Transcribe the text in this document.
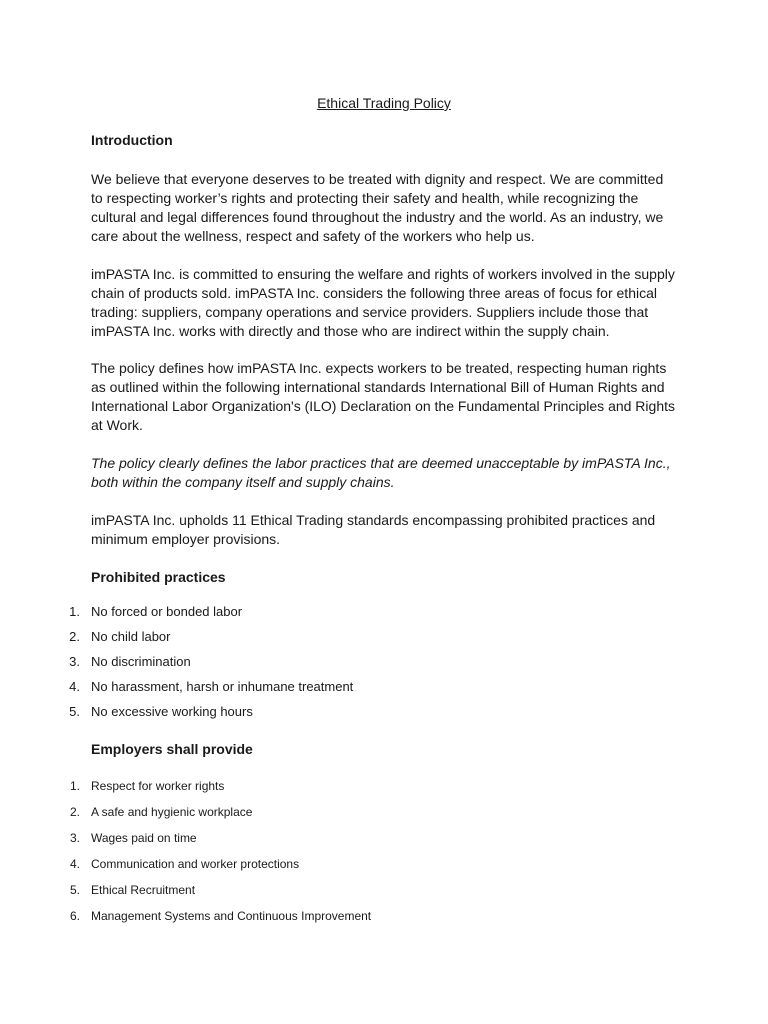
Ethical Trading Policy
Introduction
We believe that everyone deserves to be treated with dignity and respect. We are committed to respecting worker’s rights and protecting their safety and health, while recognizing the cultural and legal differences found throughout the industry and the world. As an industry, we care about the wellness, respect and safety of the workers who help us.
imPASTA Inc. is committed to ensuring the welfare and rights of workers involved in the supply chain of products sold. imPASTA Inc. considers the following three areas of focus for ethical trading: suppliers, company operations and service providers. Suppliers include those that imPASTA Inc. works with directly and those who are indirect within the supply chain.
The policy defines how imPASTA Inc. expects workers to be treated, respecting human rights as outlined within the following international standards International Bill of Human Rights and International Labor Organization's (ILO) Declaration on the Fundamental Principles and Rights at Work.
The policy clearly defines the labor practices that are deemed unacceptable by imPASTA Inc., both within the company itself and supply chains.
imPASTA Inc. upholds 11 Ethical Trading standards encompassing prohibited practices and minimum employer provisions.
Prohibited practices
1. No forced or bonded labor
2. No child labor
3. No discrimination
4. No harassment, harsh or inhumane treatment
5. No excessive working hours
Employers shall provide
1. Respect for worker rights
2. A safe and hygienic workplace
3. Wages paid on time
4. Communication and worker protections
5. Ethical Recruitment
6. Management Systems and Continuous Improvement
